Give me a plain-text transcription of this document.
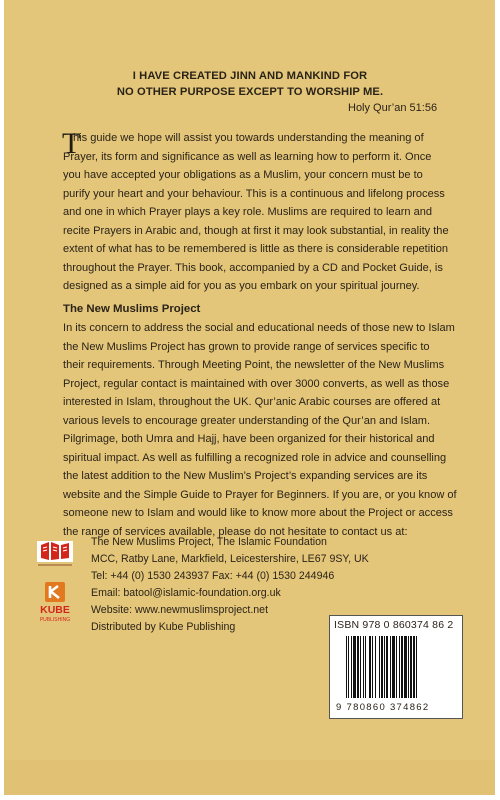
I HAVE CREATED JINN AND MANKIND FOR
NO OTHER PURPOSE EXCEPT TO WORSHIP ME.
Holy Qur’an 51:56
T
his guide we hope will assist you towards understanding the meaning of
Prayer, its form and significance as well as learning how to perform it. Once
you have accepted your obligations as a Muslim, your concern must be to
purify your heart and your behaviour. This is a continuous and lifelong process
and one in which Prayer plays a key role. Muslims are required to learn and
recite Prayers in Arabic and, though at first it may look substantial, in reality the
extent of what has to be remembered is little as there is considerable repetition
throughout the Prayer. This book, accompanied by a CD and Pocket Guide, is
designed as a simple aid for you as you embark on your spiritual journey.
The New Muslims Project
In its concern to address the social and educational needs of those new to Islam
the New Muslims Project has grown to provide range of services specific to
their requirements. Through Meeting Point, the newsletter of the New Muslims
Project, regular contact is maintained with over 3000 converts, as well as those
interested in Islam, throughout the UK. Qur’anic Arabic courses are offered at
various levels to encourage greater understanding of the Qur’an and Islam.
Pilgrimage, both Umra and Hajj, have been organized for their historical and
spiritual impact. As well as fulfilling a recognized role in advice and counselling
the latest addition to the New Muslim’s Project’s expanding services are its
website and the Simple Guide to Prayer for Beginners. If you are, or you know of
someone new to Islam and would like to know more about the Project or access
the range of services available, please do not hesitate to contact us at:
KUBE
PUBLISHING
The New Muslims Project, The Islamic Foundation
MCC, Ratby Lane, Markfield, Leicestershire, LE67 9SY, UK
Tel: +44 (0) 1530 243937 Fax: +44 (0) 1530 244946
Email: batool@islamic-foundation.org.uk
Website: www.newmuslimsproject.net
Distributed by Kube Publishing	ISBN 978 0 860374 86 2
9 780860 374862
